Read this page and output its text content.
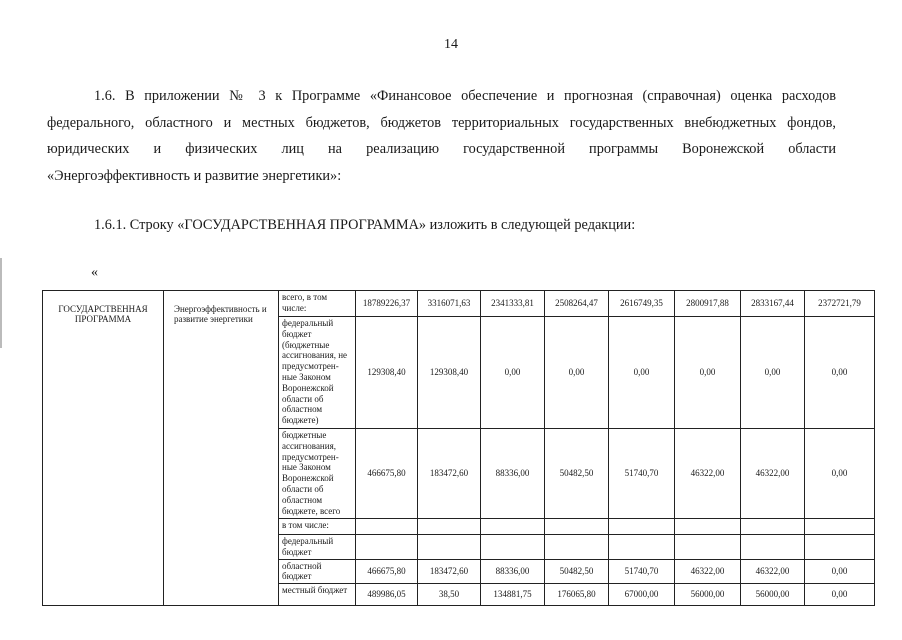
14
1.6. В приложении № 3 к Программе «Финансовое обеспечение и прогнозная (справочная) оценка расходов
федерального, областного и местных бюджетов, бюджетов территориальных государственных внебюджетных фондов,
юридических и физических лиц на реализацию государственной программы Воронежской области
«Энергоэффективность и развитие энергетики»:
1.6.1. Строку «ГОСУДАРСТВЕННАЯ ПРОГРАММА» изложить в следующей редакции:
«
ГОСУДАРСТВЕННАЯ ПРОГРАММА	Энергоэффективность и развитие энергетики	всего, в том числе:	18789226,37	3316071,63	2341333,81	2508264,47	2616749,35	2800917,88	2833167,44	2372721,79
		федеральный бюджет (бюджетные ассигнования, не предусмотрен-ные Законом Воронежской области об областном бюджете)	129308,40	129308,40	0,00	0,00	0,00	0,00	0,00	0,00
		бюджетные ассигнования, предусмотрен-ные Законом Воронежской области об областном бюджете, всего	466675,80	183472,60	88336,00	50482,50	51740,70	46322,00	46322,00	0,00
		в том числе:								
		федеральный бюджет								
		областной бюджет	466675,80	183472,60	88336,00	50482,50	51740,70	46322,00	46322,00	0,00
		местный бюджет	489986,05	38,50	134881,75	176065,80	67000,00	56000,00	56000,00	0,00
